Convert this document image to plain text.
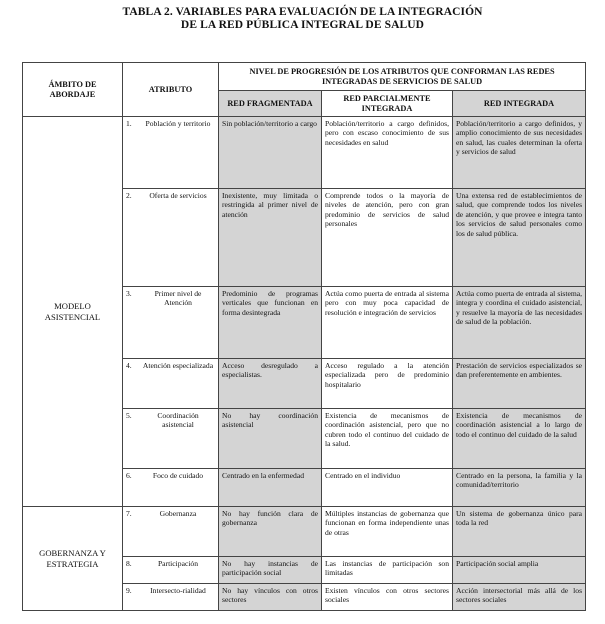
TABLA 2. VARIABLES PARA EVALUACIÓN DE LA INTEGRACIÓN
DE LA RED PÚBLICA INTEGRAL DE SALUD
ÁMBITO DE ABORDAJE	ATRIBUTO	NIVEL DE PROGRESIÓN DE LOS ATRIBUTOS QUE CONFORMAN LAS REDES INTEGRADAS DE SERVICIOS DE SALUD		
		RED FRAGMENTADA	RED PARCIALMENTE INTEGRADA	RED INTEGRADA
MODELO ASISTENCIAL	1. Población y territorio	Sin población/territorio a cargo	Población/territorio a cargo definidos, pero con escaso conocimiento de sus necesidades en salud	Población/territorio a cargo definidos, y amplio conocimiento de sus necesidades en salud, las cuales determinan la oferta y servicios de salud

	2. Oferta de servicios	Inexistente, muy limitada o restringida al primer nivel de atención	Comprende todos o la mayoría de niveles de atención, pero con gran predominio de servicios de salud personales	Una extensa red de establecimientos de salud, que comprende todos los niveles de atención, y que provee e integra tanto los servicios de salud personales como los de salud pública.

	3. Primer nivel de Atención	Predominio de programas verticales que funcionan en forma desintegrada	Actúa como puerta de entrada al sistema pero con muy poca capacidad de resolución e integración de servicios	Actúa como puerta de entrada al sistema, integra y coordina el cuidado asistencial, y resuelve la mayoría de las necesidades de salud de la población.

	4. Atención especializada	Acceso desregulado a especialistas.	Acceso regulado a la atención especializada pero de predominio hospitalario	Prestación de servicios especializados se dan preferentemente en ambientes.

	5. Coordinación asistencial	No hay coordinación asistencial	Existencia de mecanismos de coordinación asistencial, pero que no cubren todo el continuo del cuidado de la salud.	Existencia de mecanismos de coordinación asistencial a lo largo de todo el continuo del cuidado de la salud

	6. Foco de cuidado	Centrado en la enfermedad	Centrado en el individuo	Centrado en la persona, la familia y la comunidad/territorio
GOBERNANZA Y ESTRATEGIA	7. Gobernanza	No hay función clara de gobernanza	Múltiples instancias de gobernanza que funcionan en forma independiente unas de otras	Un sistema de gobernanza único para toda la red

	8. Participación	No hay instancias de participación social	Las instancias de participación son limitadas	Participación social amplia

	9. Intersecto-rialidad	No hay vínculos con otros sectores	Existen vínculos con otros sectores sociales	Acción intersectorial más allá de los sectores sociales
